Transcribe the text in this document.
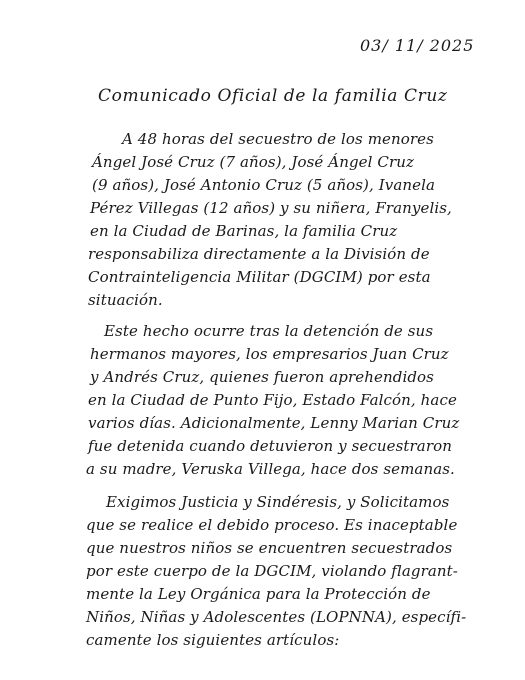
03/ 11/ 2025
Comunicado Oficial de la familia Cruz
A 48 horas del secuestro de los menores
Ángel José Cruz (7 años), José Ángel Cruz
(9 años), José Antonio Cruz (5 años), Ivanela
Pérez Villegas (12 años) y su niñera, Franyelis,
en la Ciudad de Barinas, la familia Cruz
responsabiliza directamente a la División de
Contrainteligencia Militar (DGCIM) por esta
situación.
Este hecho ocurre tras la detención de sus
hermanos mayores, los empresarios Juan Cruz
y Andrés Cruz, quienes fueron aprehendidos
en la Ciudad de Punto Fijo, Estado Falcón, hace
varios días. Adicionalmente, Lenny Marian Cruz
fue detenida cuando detuvieron y secuestraron
a su madre, Veruska Villega, hace dos semanas.
Exigimos Justicia y Sindéresis, y Solicitamos
que se realice el debido proceso. Es inaceptable
que nuestros niños se encuentren secuestrados
por este cuerpo de la DGCIM, violando flagrant-
mente la Ley Orgánica para la Protección de
Niños, Niñas y Adolescentes (LOPNNA), específi-
camente los siguientes artículos:
